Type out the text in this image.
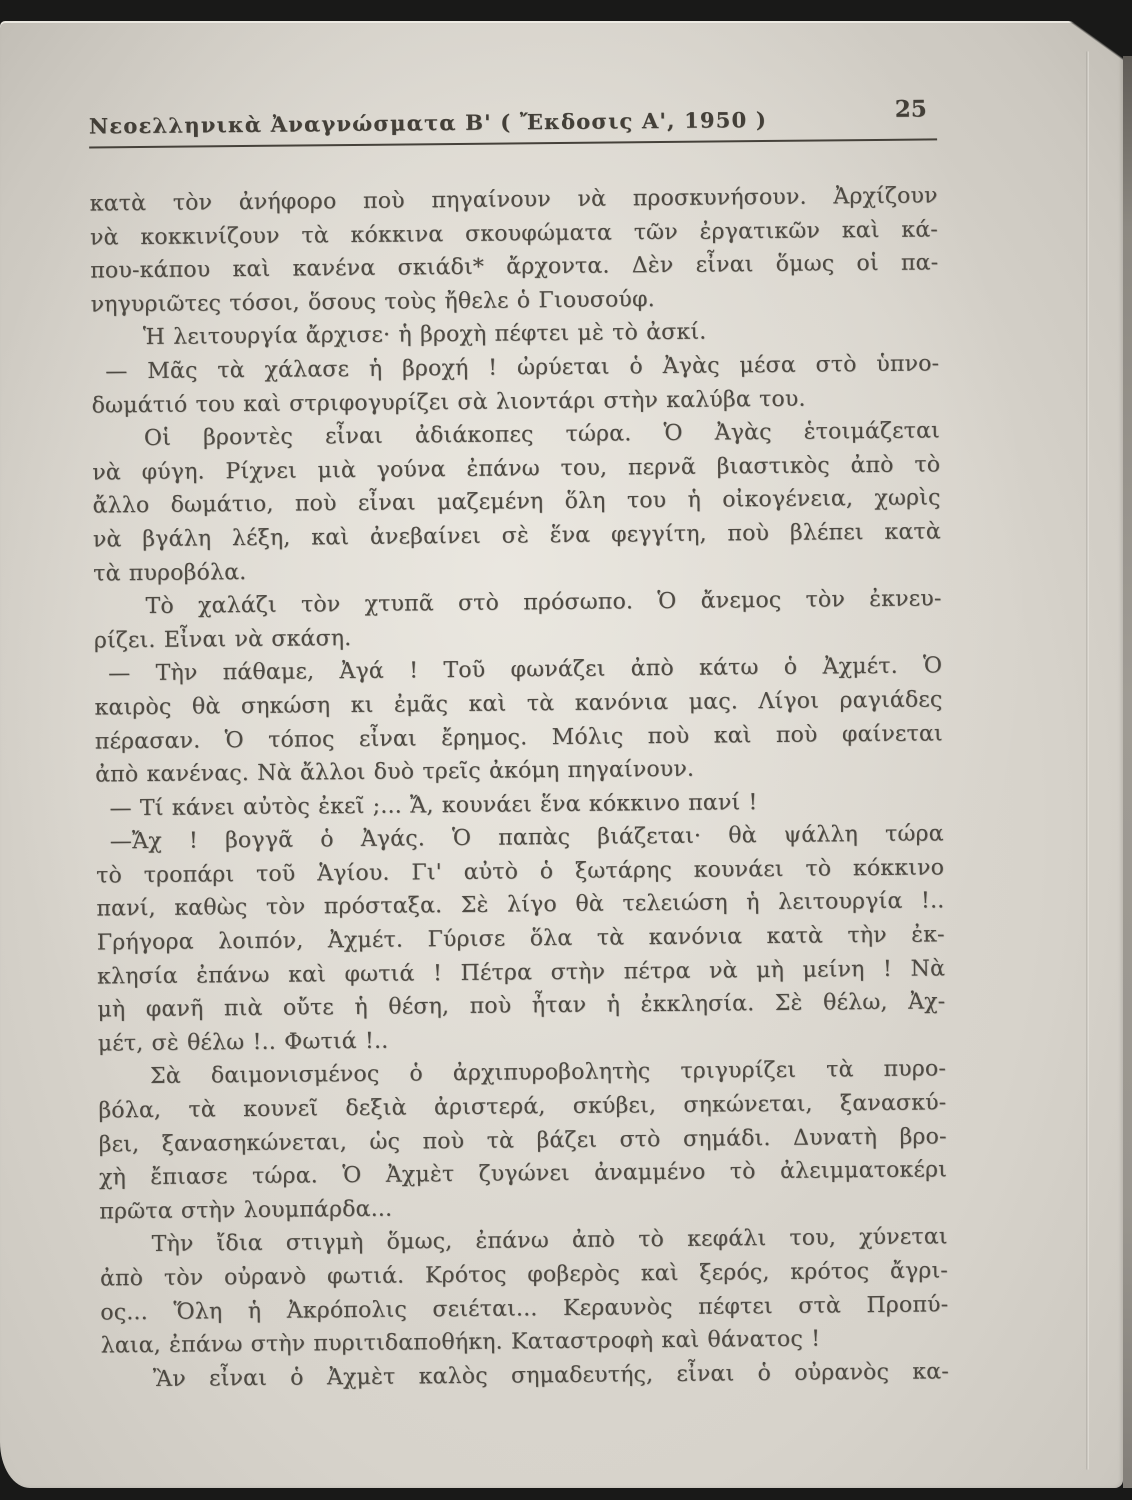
Νεοελληνικὰ Ἀναγνώσματα Β' ( Ἔκδοσις Α', 1950 )	25
κατὰ τὸν ἀνήφορο ποὺ πηγαίνουν νὰ προσκυνήσουν. Ἀρχίζουν
νὰ κοκκινίζουν τὰ κόκκινα σκουφώματα τῶν ἐργατικῶν καὶ κά-
που-κάπου καὶ κανένα σκιάδι* ἄρχοντα. Δὲν εἶναι ὅμως οἱ πα-
νηγυριῶτες τόσοι, ὅσους τοὺς ἤθελε ὁ Γιουσούφ.
Ἡ λειτουργία ἄρχισε· ἡ βροχὴ πέφτει μὲ τὸ ἀσκί.
— Μᾶς τὰ χάλασε ἡ βροχή ! ὠρύεται ὁ Ἀγὰς μέσα στὸ ὑπνο-
δωμάτιό του καὶ στριφογυρίζει σὰ λιοντάρι στὴν καλύβα του.
Οἱ βροντὲς εἶναι ἀδιάκοπες τώρα. Ὁ Ἀγὰς ἑτοιμάζεται
νὰ φύγη. Ρίχνει μιὰ γούνα ἐπάνω του, περνᾶ βιαστικὸς ἀπὸ τὸ
ἄλλο δωμάτιο, ποὺ εἶναι μαζεμένη ὅλη του ἡ οἰκογένεια, χωρὶς
νὰ βγάλη λέξη, καὶ ἀνεβαίνει σὲ ἕνα φεγγίτη, ποὺ βλέπει κατὰ
τὰ πυροβόλα.
Τὸ χαλάζι τὸν χτυπᾶ στὸ πρόσωπο. Ὁ ἄνεμος τὸν ἐκνευ-
ρίζει. Εἶναι νὰ σκάση.
— Τὴν πάθαμε, Ἀγά ! Τοῦ φωνάζει ἀπὸ κάτω ὁ Ἀχμέτ. Ὁ
καιρὸς θὰ σηκώση κι ἐμᾶς καὶ τὰ κανόνια μας. Λίγοι ραγιάδες
πέρασαν. Ὁ τόπος εἶναι ἔρημος. Μόλις ποὺ καὶ ποὺ φαίνεται
ἀπὸ κανένας. Νὰ ἄλλοι δυὸ τρεῖς ἀκόμη πηγαίνουν.
— Τί κάνει αὐτὸς ἐκεῖ ;... Ἄ, κουνάει ἕνα κόκκινο πανί !
—Ἄχ ! βογγᾶ ὁ Ἀγάς. Ὁ παπὰς βιάζεται· θὰ ψάλλη τώρα
τὸ τροπάρι τοῦ Ἁγίου. Γι' αὐτὸ ὁ ξωτάρης κουνάει τὸ κόκκινο
πανί, καθὼς τὸν πρόσταξα. Σὲ λίγο θὰ τελειώση ἡ λειτουργία !..
Γρήγορα λοιπόν, Ἀχμέτ. Γύρισε ὅλα τὰ κανόνια κατὰ τὴν ἐκ-
κλησία ἐπάνω καὶ φωτιά ! Πέτρα στὴν πέτρα νὰ μὴ μείνη ! Νὰ
μὴ φανῆ πιὰ οὔτε ἡ θέση, ποὺ ἦταν ἡ ἐκκλησία. Σὲ θέλω, Ἀχ-
μέτ, σὲ θέλω !.. Φωτιά !..
Σὰ δαιμονισμένος ὁ ἀρχιπυροβολητὴς τριγυρίζει τὰ πυρο-
βόλα, τὰ κουνεῖ δεξιὰ ἀριστερά, σκύβει, σηκώνεται, ξανασκύ-
βει, ξανασηκώνεται, ὡς ποὺ τὰ βάζει στὸ σημάδι. Δυνατὴ βρο-
χὴ ἔπιασε τώρα. Ὁ Ἀχμὲτ ζυγώνει ἀναμμένο τὸ ἀλειμματοκέρι
πρῶτα στὴν λουμπάρδα...
Τὴν ἴδια στιγμὴ ὅμως, ἐπάνω ἀπὸ τὸ κεφάλι του, χύνεται
ἀπὸ τὸν οὐρανὸ φωτιά. Κρότος φοβερὸς καὶ ξερός, κρότος ἄγρι-
ος... Ὅλη ἡ Ἀκρόπολις σειέται... Κεραυνὸς πέφτει στὰ Προπύ-
λαια, ἐπάνω στὴν πυριτιδαποθήκη. Καταστροφὴ καὶ θάνατος !
Ἂν εἶναι ὁ Ἀχμὲτ καλὸς σημαδευτής, εἶναι ὁ οὐρανὸς κα-
